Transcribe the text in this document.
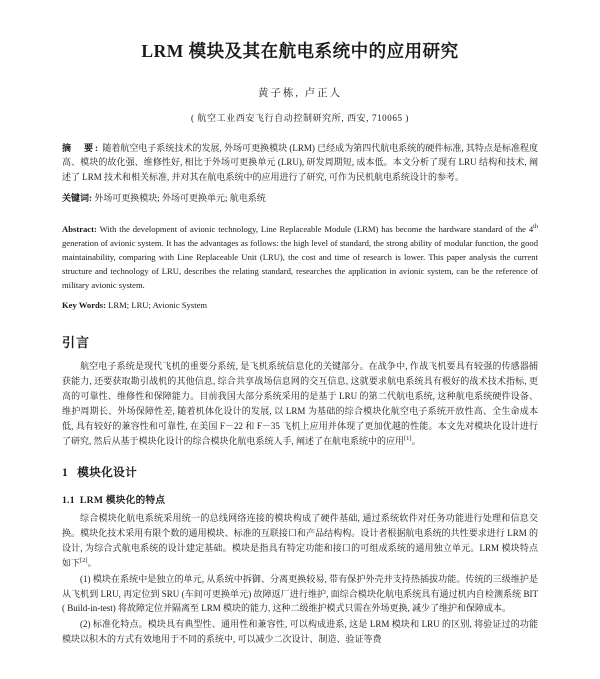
LRM 模块及其在航电系统中的应用研究
黄子栋, 卢正人
( 航空工业西安飞行自动控制研究所, 西安, 710065 )
摘　要: 随着航空电子系统技术的发展, 外场可更换模块 (LRM) 已经成为第四代航电系统的硬件标准, 其特点是标准程度高、模块的故化强、维修性好, 相比于外场可更换单元 (LRU), 研发周期短, 成本低。本文分析了现有 LRU 结构和技术, 阐述了 LRM 技术和相关标准, 并对其在航电系统中的应用进行了研究, 可作为民机航电系统设计的参考。
关键词: 外场可更换模块; 外场可更换单元; 航电系统
Abstract: With the development of avionic technology, Line Replaceable Module (LRM) has become the hardware standard of the 4th generation of avionic system. It has the advantages as follows: the high level of standard, the strong ability of modular function, the good maintainability, comparing with Line Replaceable Unit (LRU), the cost and time of research is lower. This paper analysis the current structure and technology of LRU, describes the relating standard, researches the application in avionic system, can be the reference of military avionic system.
Key Words: LRM; LRU; Avionic System
引言

航空电子系统是现代飞机的重要分系统, 是飞机系统信息化的关键部分。在战争中, 作战飞机要具有较强的传感器捕获能力, 还要获取勘引战机的其他信息, 综合共享战场信息网的交互信息, 这就要求航电系统具有极好的战术技术指标, 更高的可靠性、维修性和保障能力。目前我国大部分系统采用的是基于 LRU 的第二代航电系统, 这种航电系统硬件设备、维护周期长、外场保障性差, 随着机体化设计的发展, 以 LRM 为基础的综合模块化航空电子系统开放性高、全生命成本低, 具有较好的兼容性和可靠性, 在美国 F－22 和 F－35 飞机上应用并体现了更加优越的性能。本文先对模块化设计进行了研究, 然后从基于模块化设计的综合模块化航电系统人手, 阐述了在航电系统中的应用[1]。

1 模块化设计
1.1 LRM 模块化的特点

综合模块化航电系统采用统一的总线网络连接的模块构成了硬件基础, 通过系统软件对任务功能进行处理和信息交换。模块化技术采用有限个数的通用模块、标准的互联接口和产品结构构。设计者根据航电系统的共性要求进行 LRM 的设计, 为综合式航电系统的设计建定基础。模块是指具有特定功能和接口的可组成系统的通用独立单元。LRM 模块特点如下[2]。

(1) 模块在系统中是独立的单元, 从系统中拆御、分离更换较易, 带有保护外壳并支持热插拔功能。传统的三级维护是从飞机到 LRU, 再定位到 SRU (车间可更换单元) 故障返厂进行维护, 面综合模块化航电系统具有通过机内自检测系统 BIT ( Build-in-test) 将故障定位并隔离至 LRM 模块的能力, 这种二级维护模式只需在外场更换, 减少了维护和保障成本。

(2) 标准化特点。模块具有典型性、通用性和兼容性, 可以构成进系, 这是 LRM 模块和 LRU 的区别, 将验证过的功能模块以积木的方式有效地用于不同的系统中, 可以减少二次设计、制造、验证等费
